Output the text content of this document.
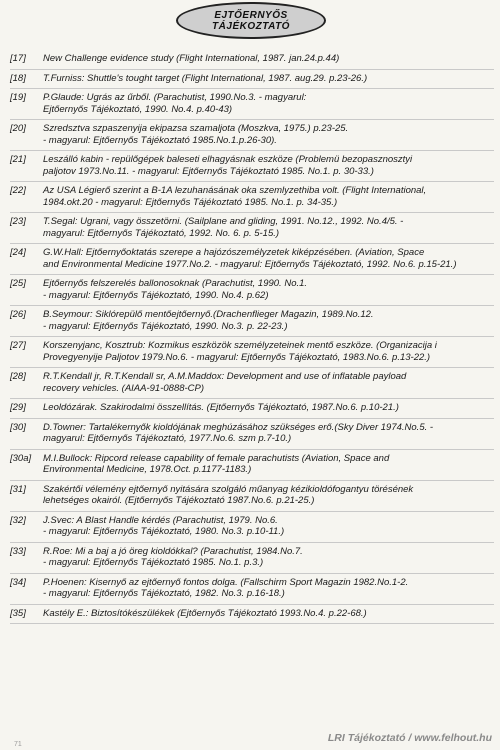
EJTŐERNYŐS
TÁJÉKOZTATÓ
[17]	New Challenge evidence study (Flight International, 1987. jan.24.p.44)
[18]	T.Furniss: Shuttle's tought target (Flight International, 1987. aug.29. p.23-26.)
[19]	P.Glaude: Ugrás az űrből. (Parachutist, 1990.No.3. - magyarul:
Ejtőernyős Tájékoztató, 1990. No.4. p.40-43)
[20]	Szredsztva szpaszenyija ekipazsa szamaljota (Moszkva, 1975.) p.23-25.
- magyarul: Ejtőernyős Tájékoztató 1985.No.1.p.26-30).
[21]	Leszálló kabin - repülőgépek baleseti elhagyásnak eszköze (Problemü bezopasznosztyi
paljotov 1973.No.11. - magyarul: Ejtőernyős Tájékoztató 1985. No.1. p. 30-33.)
[22]	Az USA Légierő szerint a B-1A lezuhanásának oka szemlyzethiba volt. (Flight International,
1984.okt.20 - magyarul: Ejtőernyős Tájékoztató 1985. No.1. p. 34-35.)
[23]	T.Segal: Ugrani, vagy összetörni. (Sailplane and gliding, 1991. No.12., 1992. No.4/5. -
magyarul: Ejtőernyős Tájékoztató, 1992. No. 6. p. 5-15.)
[24]	G.W.Hall: Ejtőernyőoktatás szerepe a hajózószemélyzetek kiképzésében. (Aviation, Space
and Environmental Medicine 1977.No.2. - magyarul: Ejtőernyős Tájékoztató, 1992. No.6. p.15-21.)
[25]	Ejtőernyős felszerelés ballonosoknak (Parachutist, 1990. No.1.
- magyarul: Ejtőernyős Tájékoztató, 1990. No.4. p.62)
[26]	B.Seymour: Siklórepülő mentőejtőernyő.(Drachenflieger Magazin, 1989.No.12.
- magyarul: Ejtőernyős Tájékoztató, 1990. No.3. p. 22-23.)
[27]	Korszenyjanc, Kosztrub: Kozmikus eszközök személyzeteinek mentő eszköze. (Organizacija i
Provegyenyije Paljotov 1979.No.6. - magyarul: Ejtőernyős Tájékoztató, 1983.No.6. p.13-22.)
[28]	R.T.Kendall jr, R.T.Kendall sr, A.M.Maddox: Development and use of inflatable payload
recovery vehicles. (AIAA-91-0888-CP)
[29]	Leoldózárak. Szakirodalmi összellítás. (Ejtőernyős Tájékoztató, 1987.No.6. p.10-21.)
[30]	D.Towner: Tartalékernyők kioldójának meghúzásához szükséges erő.(Sky Diver 1974.No.5. -
magyarul: Ejtőernyős Tájékoztató, 1977.No.6. szm p.7-10.)
[30a]	M.I.Bullock: Ripcord release capability of female parachutists (Aviation, Space and
Environmental Medicine, 1978.Oct. p.1177-1183.)
[31]	Szakértői vélemény ejtőernyő nyitására szolgáló műanyag kézikioldófogantyu törésének
lehetséges okairól. (Ejtőernyős Tájékoztató 1987.No.6. p.21-25.)
[32]	J.Svec: A Blast Handle kérdés (Parachutist, 1979. No.6.
- magyarul: Ejtőernyős Tájékoztató, 1980. No.3. p.10-11.)
[33]	R.Roe: Mi a baj a jó öreg kioldókkal? (Parachutist, 1984.No.7.
- magyarul: Ejtőernyős Tájékoztató 1985. No.1. p.3.)
[34]	P.Hoenen: Kisernyő az ejtőernyő fontos dolga. (Fallschirm Sport Magazin 1982.No.1-2.
- magyarul: Ejtőernyős Tájékoztató, 1982. No.3. p.16-18.)
[35]	Kastély E.: Biztosítókészülékek (Ejtőernyős Tájékoztató 1993.No.4. p.22-68.)
71
LRI Tájékoztató / www.felhout.hu
